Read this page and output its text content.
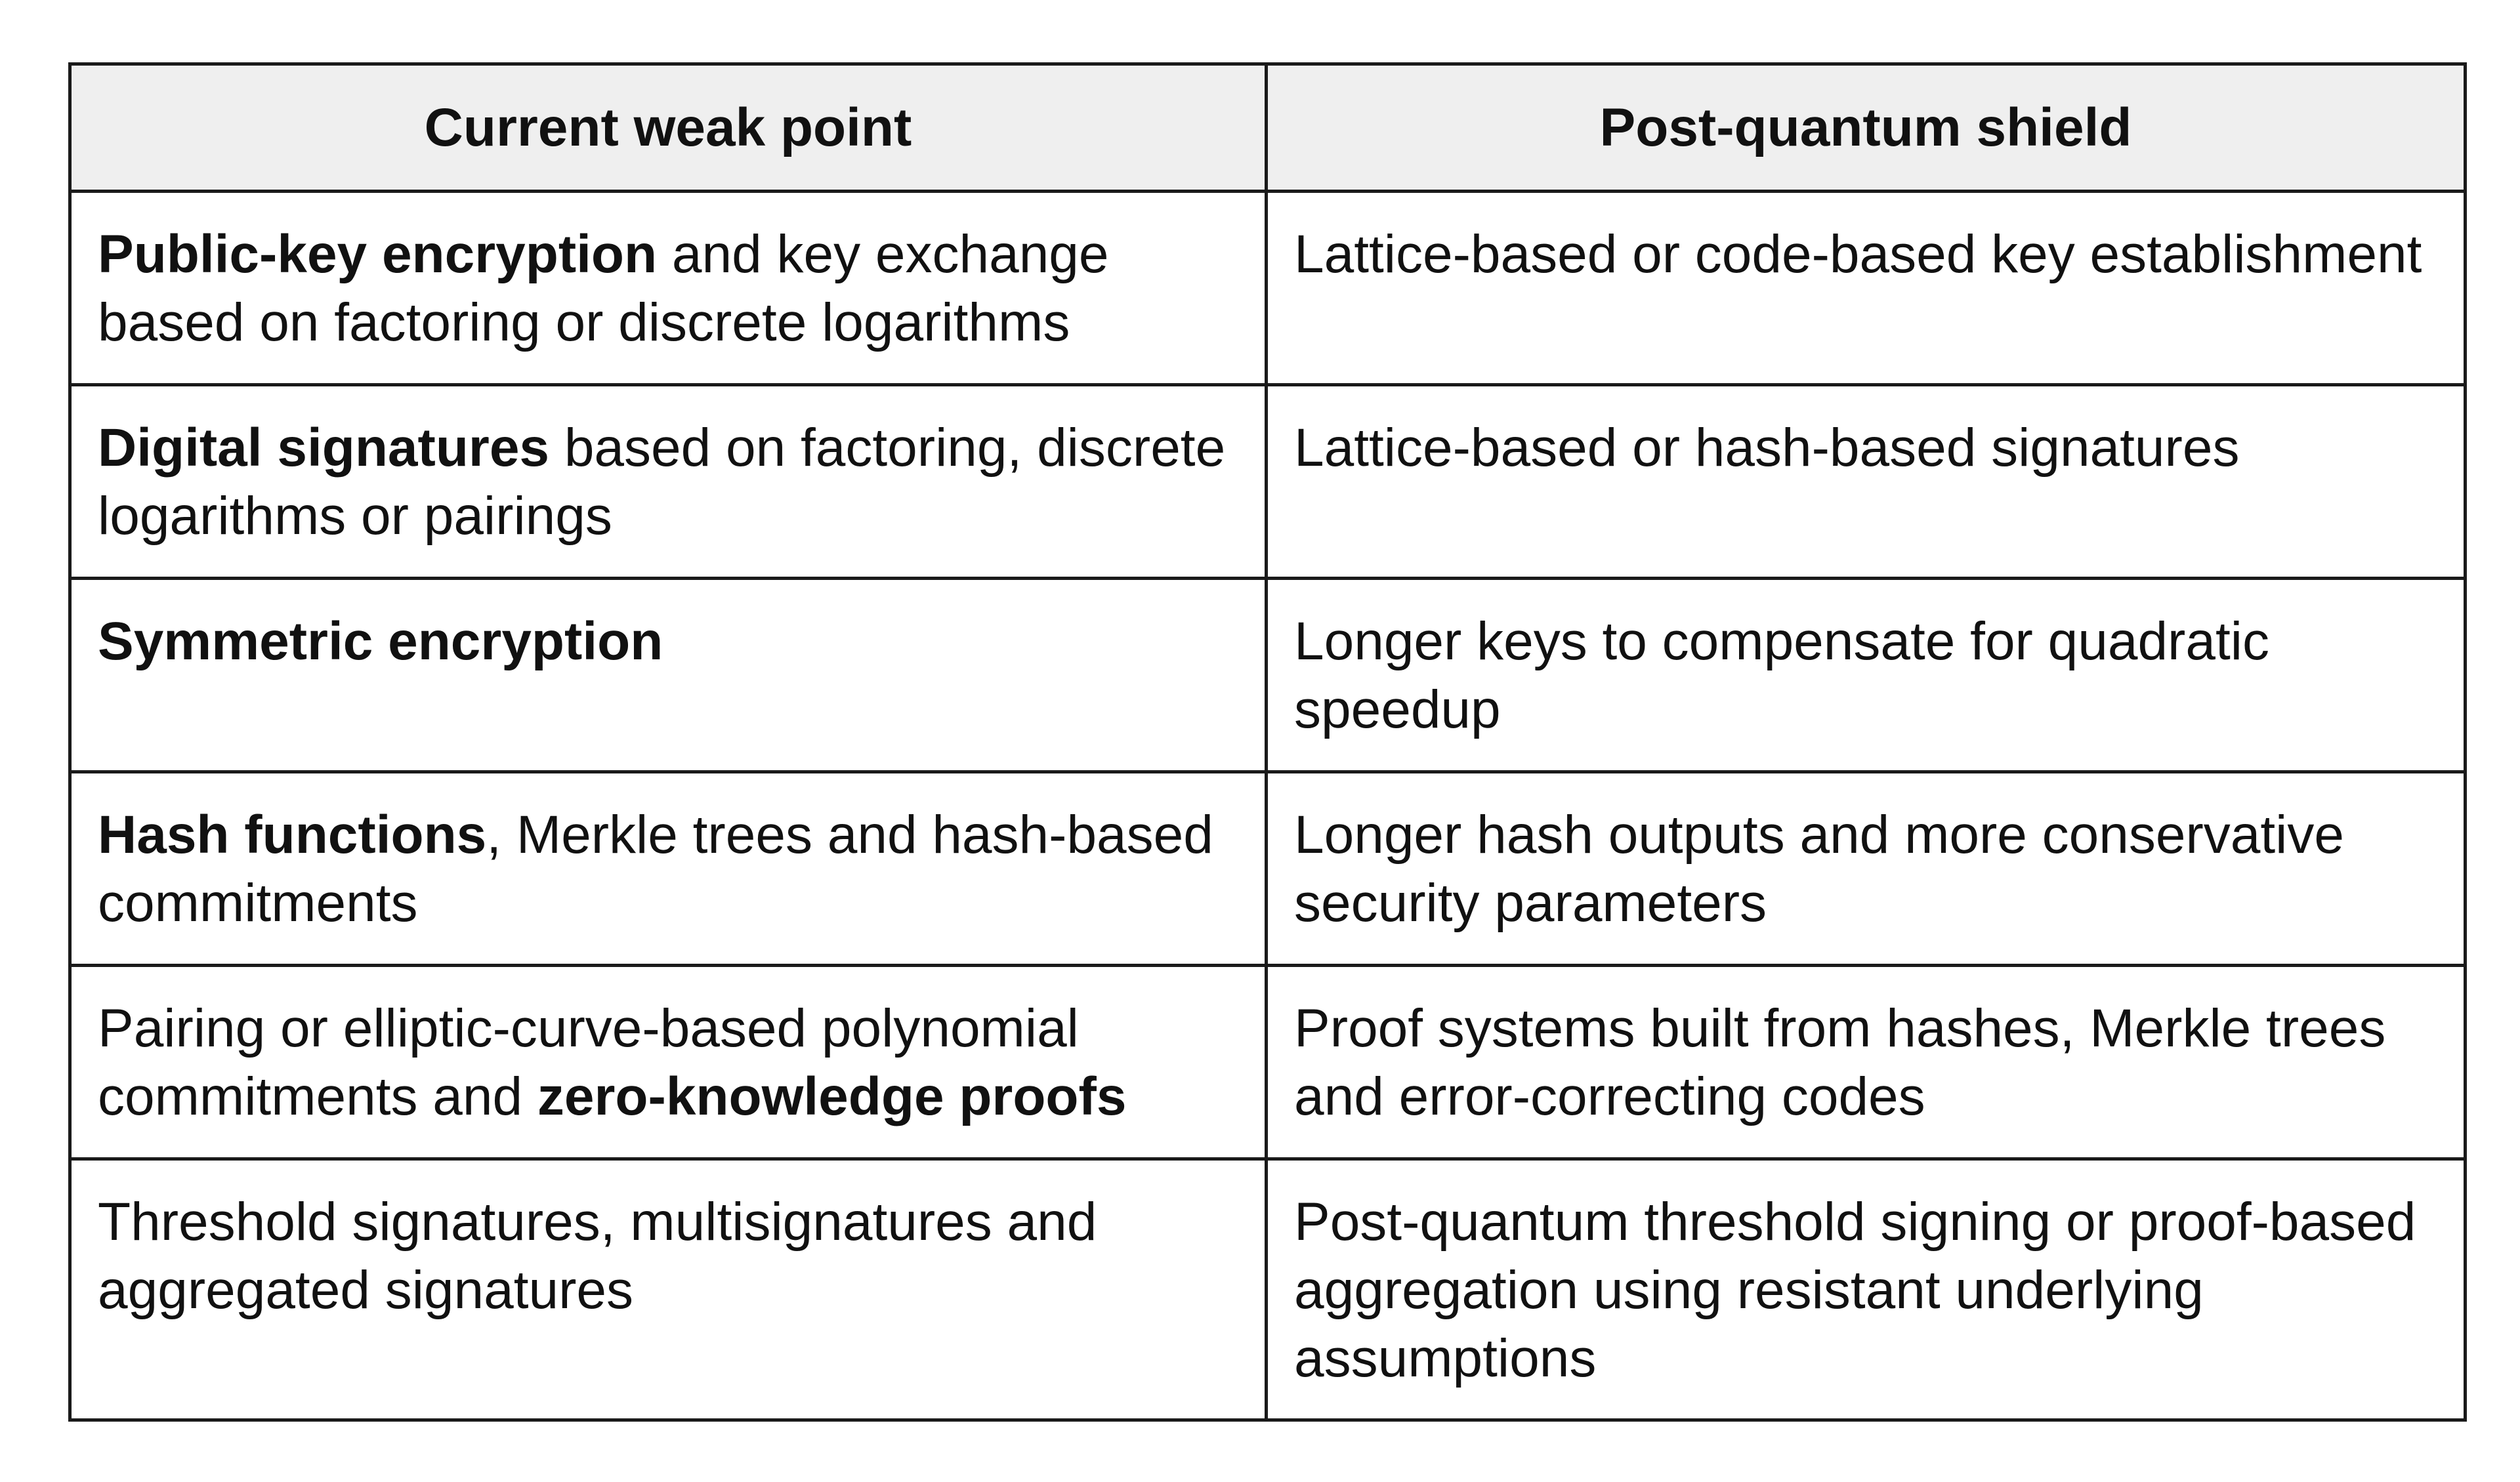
Current weak point	Post-quantum shield
Public-key encryption and key exchange based on factoring or discrete logarithms	Lattice-based or code-based key establishment
Digital signatures based on factoring, discrete logarithms or pairings	Lattice-based or hash-based signatures
Symmetric encryption	Longer keys to compensate for quadratic speedup
Hash functions, Merkle trees and hash-based commitments	Longer hash outputs and more conservative security parameters
Pairing or elliptic-curve-based polynomial commitments and zero-knowledge proofs	Proof systems built from hashes, Merkle trees and error-correcting codes
Threshold signatures, multisignatures and aggregated signatures	Post-quantum threshold signing or proof-based aggregation using resistant underlying assumptions
